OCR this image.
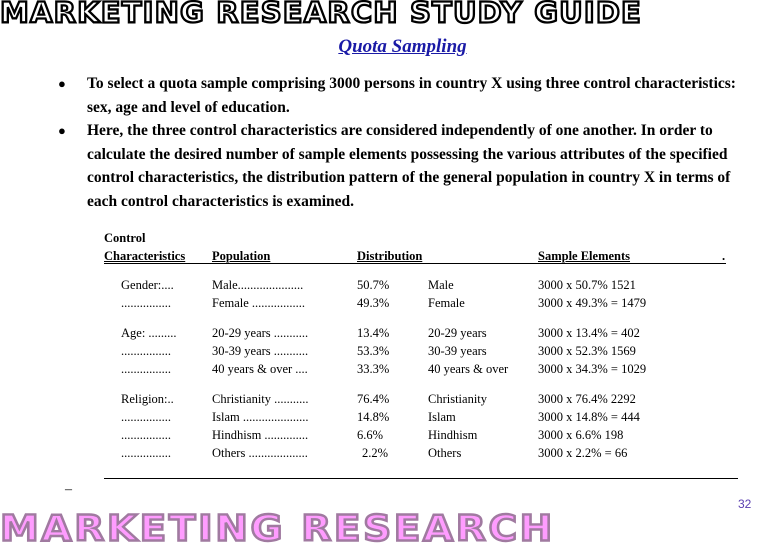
MARKETING RESEARCH STUDY GUIDE
Quota Sampling
● To select a quota sample comprising 3000 persons in country X using three control characteristics: sex, age and level of education.
● Here, the three control characteristics are considered independently of one another. In order to calculate the desired number of sample elements possessing the various attributes of the specified control characteristics, the distribution pattern of the general population in country X in terms of each control characteristics is examined.
Control
Characteristics Population	Distribution	Sample Elements	.
Gender:....	Male.....................	50.7%	Male	3000 x 50.7% 1521
................	Female .................	49.3%	Female	3000 x 49.3% = 1479
Age: .........	20-29 years ...........	13.4%	20-29 years	3000 x 13.4% = 402
................	30-39 years ...........	53.3%	30-39 years	3000 x 52.3% 1569
................	40 years & over ....	33.3%	40 years & over 3000 x 34.3% = 1029
Religion:..	Christianity ...........	76.4%	Christianity	3000 x 76.4% 2292
................	Islam .....................	14.8%	Islam	3000 x 14.8% = 444
................	Hindhism ..............	6.6%	Hindhism	3000 x 6.6% 198
................	Others ...................	2.2%	Others	3000 x 2.2% = 66
–
32
MARKETING RESEARCH
